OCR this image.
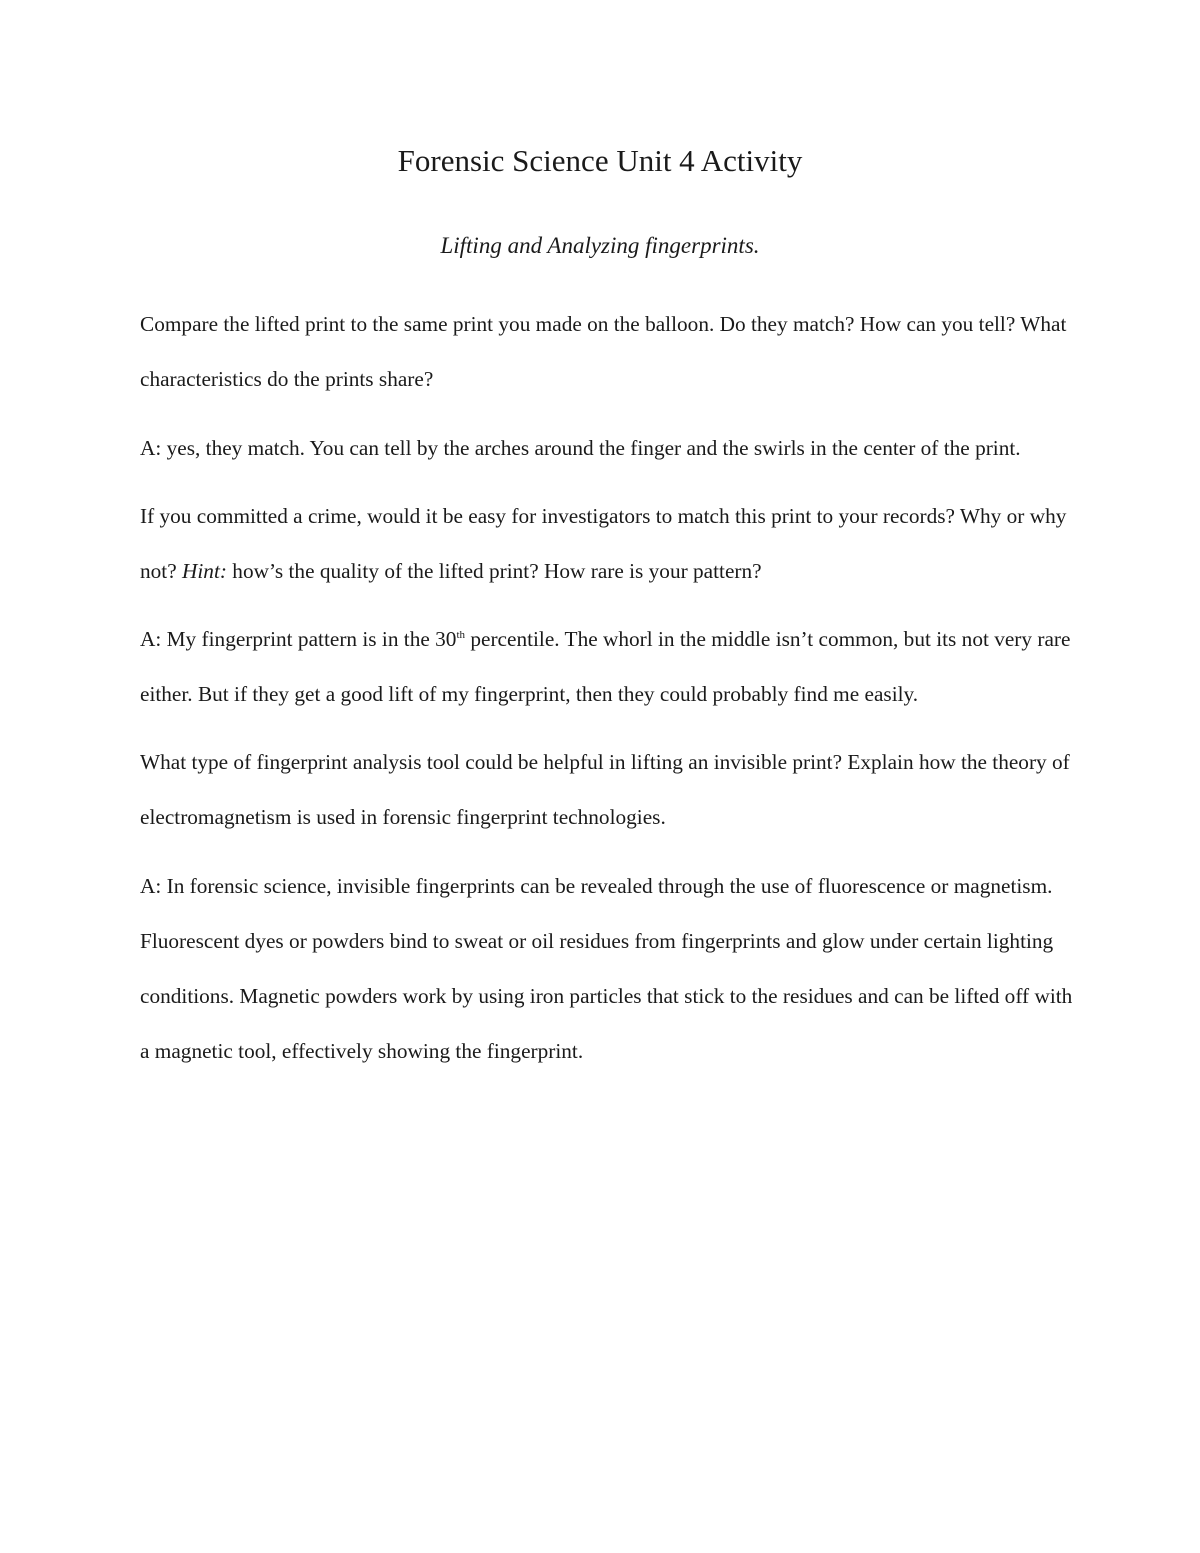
Forensic Science Unit 4 Activity

Lifting and Analyzing fingerprints.

Compare the lifted print to the same print you made on the balloon. Do they match? How can you tell? What characteristics do the prints share?

A: yes, they match. You can tell by the arches around the finger and the swirls in the center of the print.

If you committed a crime, would it be easy for investigators to match this print to your records? Why or why not? Hint: how’s the quality of the lifted print? How rare is your pattern?

A: My fingerprint pattern is in the 30th percentile. The whorl in the middle isn’t common, but its not very rare either. But if they get a good lift of my fingerprint, then they could probably find me easily.

What type of fingerprint analysis tool could be helpful in lifting an invisible print? Explain how the theory of electromagnetism is used in forensic fingerprint technologies.

A: In forensic science, invisible fingerprints can be revealed through the use of fluorescence or magnetism. Fluorescent dyes or powders bind to sweat or oil residues from fingerprints and glow under certain lighting conditions. Magnetic powders work by using iron particles that stick to the residues and can be lifted off with a magnetic tool, effectively showing the fingerprint.
